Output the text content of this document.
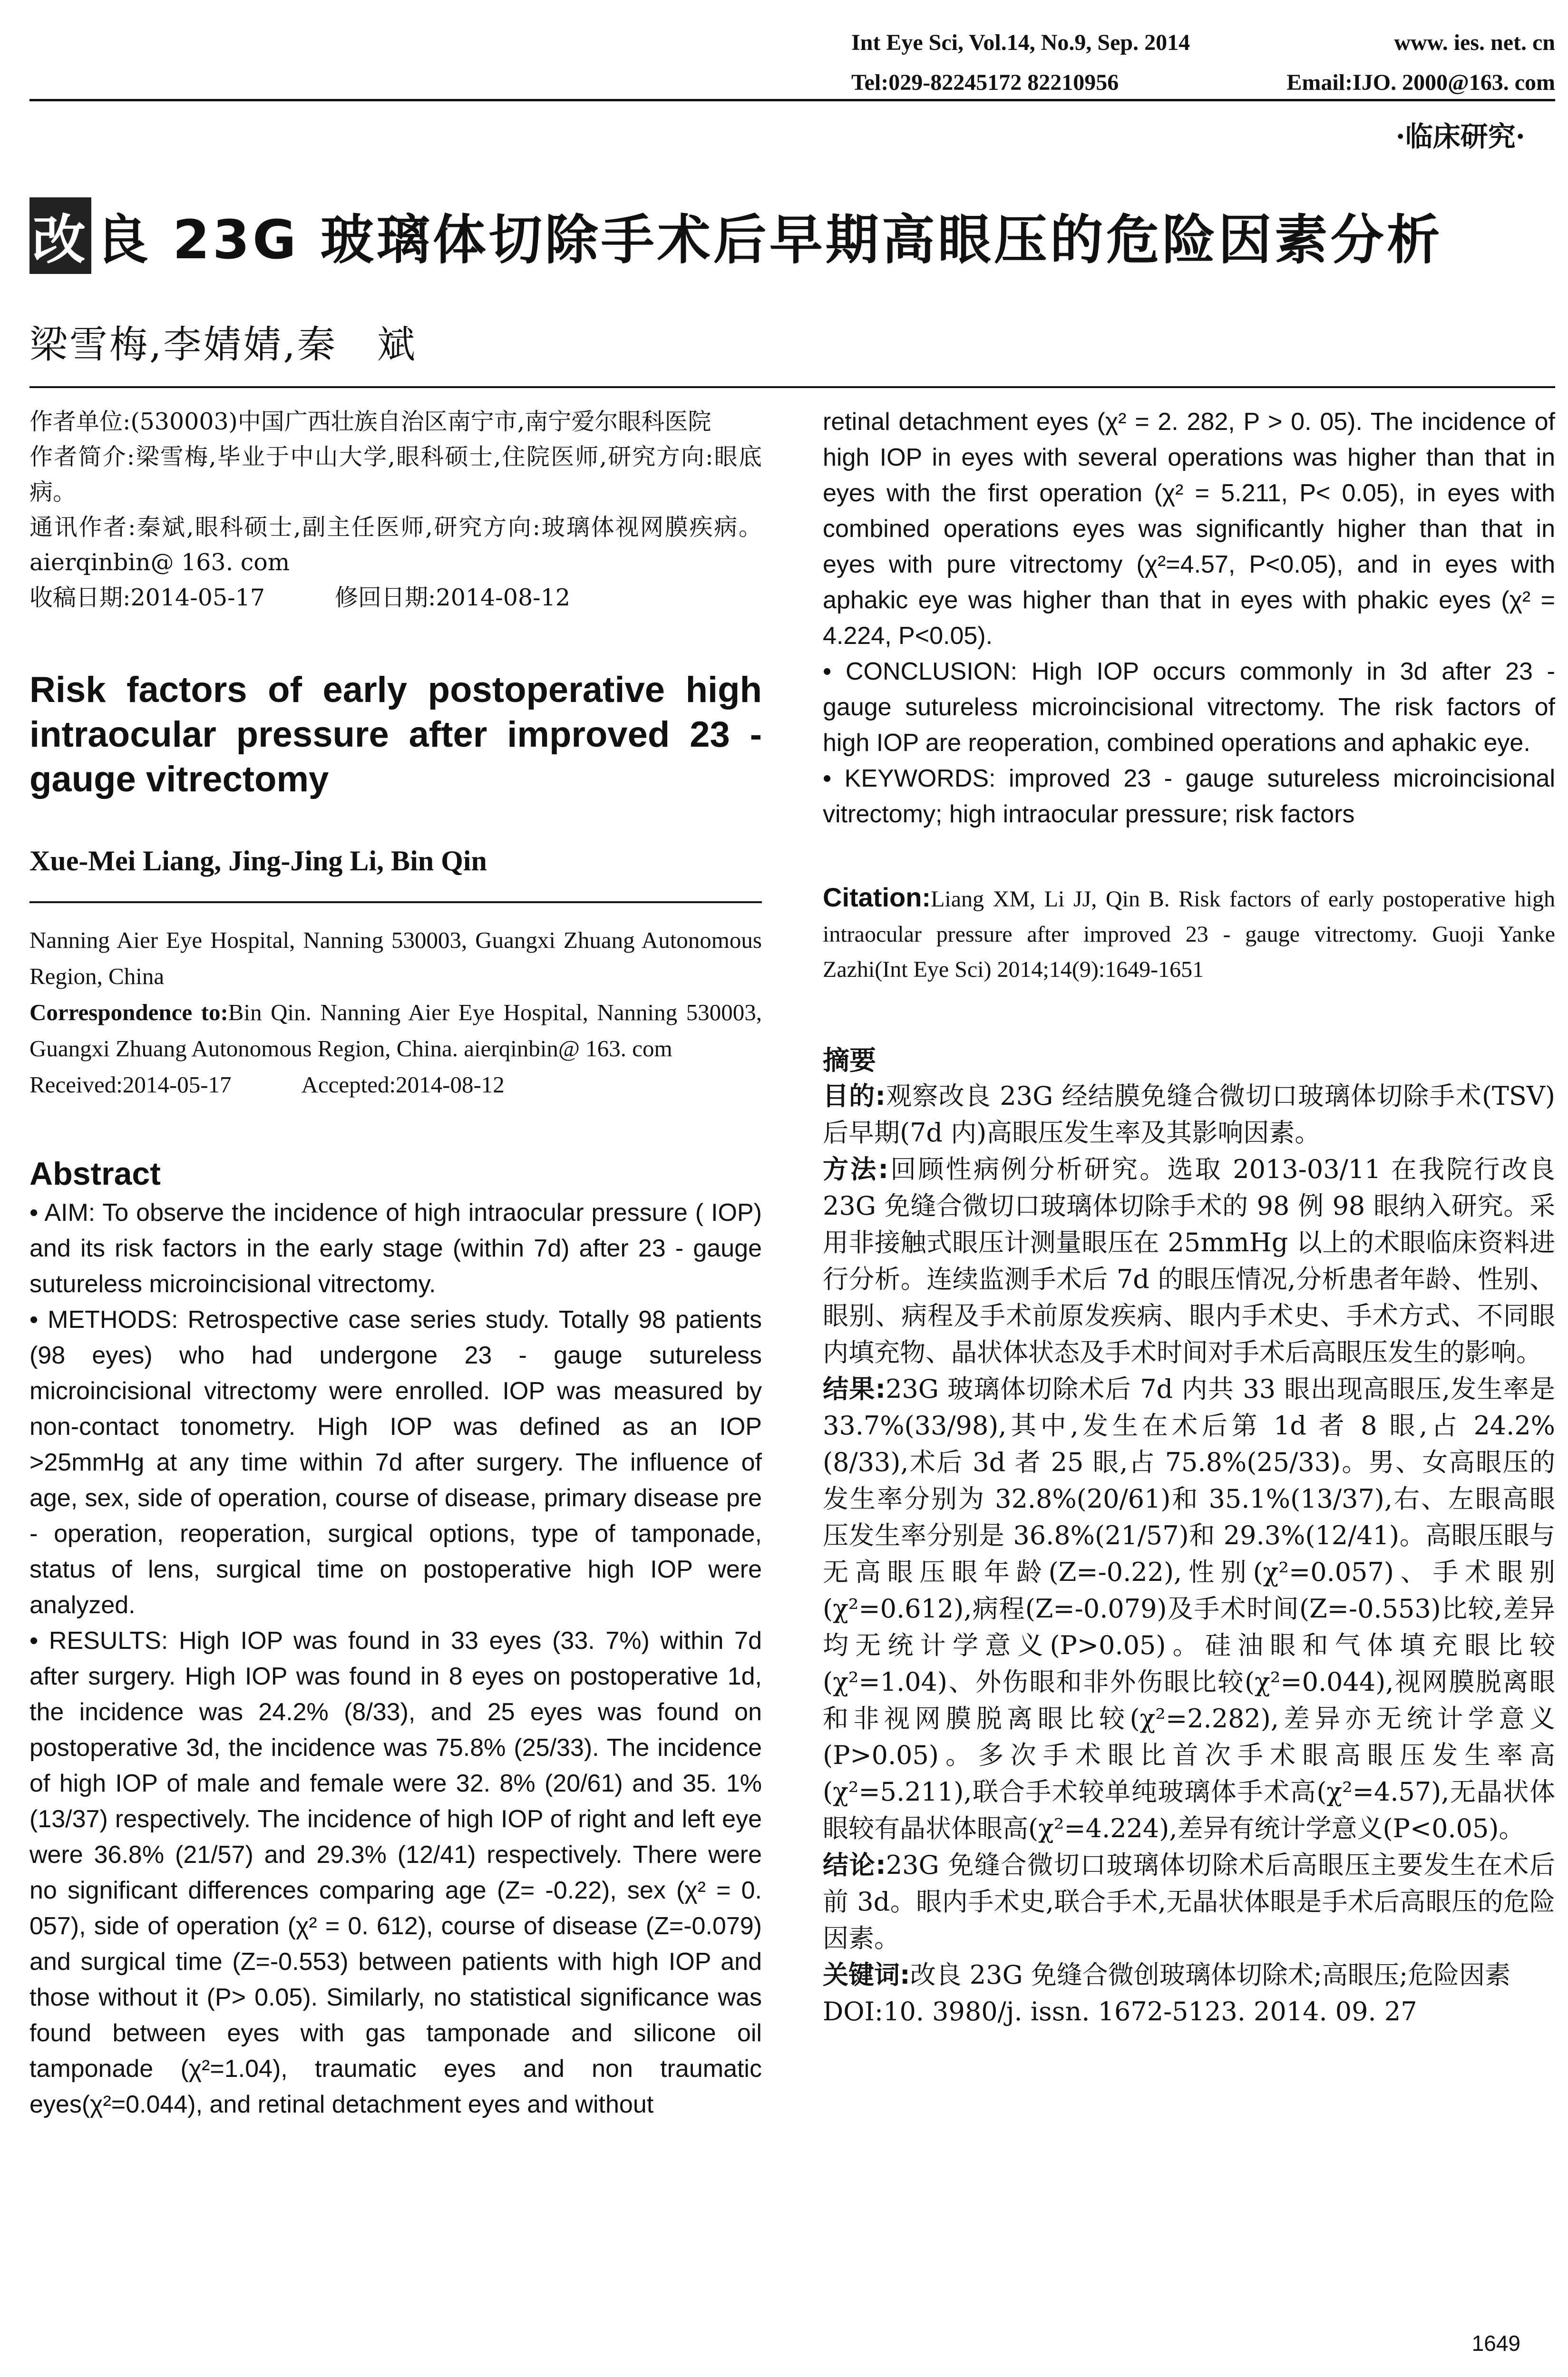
Int Eye Sci, Vol.14, No.9, Sep. 2014	www. ies. net. cn
Tel:029-82245172 82210956	Email:IJO. 2000@163. com
·临床研究·
改 良 23G 玻璃体切除手术后早期高眼压的危险因素分析
梁雪梅,李婧婧,秦　斌

作者单位:(530003)中国广西壮族自治区南宁市,南宁爱尔眼科医院

作者简介:梁雪梅,毕业于中山大学,眼科硕士,住院医师,研究方向:眼底病。

通讯作者:秦斌,眼科硕士,副主任医师,研究方向:玻璃体视网膜疾病。aierqinbin@ 163. com

收稿日期:2014-05-17　　　修回日期:2014-08-12

Risk factors of early postoperative high intraocular pressure after improved 23 - gauge vitrectomy
Xue-Mei Liang, Jing-Jing Li, Bin Qin

Nanning Aier Eye Hospital, Nanning 530003, Guangxi Zhuang Autonomous Region, China

Correspondence to:Bin Qin. Nanning Aier Eye Hospital, Nanning 530003, Guangxi Zhuang Autonomous Region, China. aierqinbin@ 163. com

Received:2014-05-17　　　Accepted:2014-08-12

Abstract

• AIM: To observe the incidence of high intraocular pressure ( IOP) and its risk factors in the early stage (within 7d) after 23 - gauge sutureless microincisional vitrectomy.

• METHODS: Retrospective case series study. Totally 98 patients (98 eyes) who had undergone 23 - gauge sutureless microincisional vitrectomy were enrolled. IOP was measured by non-contact tonometry. High IOP was defined as an IOP >25mmHg at any time within 7d after surgery. The influence of age, sex, side of operation, course of disease, primary disease pre - operation, reoperation, surgical options, type of tamponade, status of lens, surgical time on postoperative high IOP were analyzed.

• RESULTS: High IOP was found in 33 eyes (33. 7%) within 7d after surgery. High IOP was found in 8 eyes on postoperative 1d, the incidence was 24.2% (8/33), and 25 eyes was found on postoperative 3d, the incidence was 75.8% (25/33). The incidence of high IOP of male and female were 32. 8% (20/61) and 35. 1% (13/37) respectively. The incidence of high IOP of right and left eye were 36.8% (21/57) and 29.3% (12/41) respectively. There were no significant differences comparing age (Z= -0.22), sex (χ² = 0. 057), side of operation (χ² = 0. 612), course of disease (Z=-0.079) and surgical time (Z=-0.553) between patients with high IOP and those without it (P> 0.05). Similarly, no statistical significance was found between eyes with gas tamponade and silicone oil tamponade (χ²=1.04), traumatic eyes and non traumatic eyes(χ²=0.044), and retinal detachment eyes and without

retinal detachment eyes (χ² = 2. 282, P > 0. 05). The incidence of high IOP in eyes with several operations was higher than that in eyes with the first operation (χ² = 5.211, P< 0.05), in eyes with combined operations eyes was significantly higher than that in eyes with pure vitrectomy (χ²=4.57, P<0.05), and in eyes with aphakic eye was higher than that in eyes with phakic eyes (χ² = 4.224, P<0.05).

• CONCLUSION: High IOP occurs commonly in 3d after 23 - gauge sutureless microincisional vitrectomy. The risk factors of high IOP are reoperation, combined operations and aphakic eye.

• KEYWORDS: improved 23 - gauge sutureless microincisional vitrectomy; high intraocular pressure; risk factors

Citation:Liang XM, Li JJ, Qin B. Risk factors of early postoperative high intraocular pressure after improved 23 - gauge vitrectomy. Guoji Yanke Zazhi(Int Eye Sci) 2014;14(9):1649-1651
摘要

目的:观察改良 23G 经结膜免缝合微切口玻璃体切除手术(TSV)后早期(7d 内)高眼压发生率及其影响因素。

方法:回顾性病例分析研究。选取 2013-03/11 在我院行改良 23G 免缝合微切口玻璃体切除手术的 98 例 98 眼纳入研究。采用非接触式眼压计测量眼压在 25mmHg 以上的术眼临床资料进行分析。连续监测手术后 7d 的眼压情况,分析患者年龄、性别、眼别、病程及手术前原发疾病、眼内手术史、手术方式、不同眼内填充物、晶状体状态及手术时间对手术后高眼压发生的影响。

结果:23G 玻璃体切除术后 7d 内共 33 眼出现高眼压,发生率是 33.7%(33/98),其中,发生在术后第 1d 者 8 眼,占 24.2%(8/33),术后 3d 者 25 眼,占 75.8%(25/33)。男、女高眼压的发生率分别为 32.8%(20/61)和 35.1%(13/37),右、左眼高眼压发生率分别是 36.8%(21/57)和 29.3%(12/41)。高眼压眼与无高眼压眼年龄(Z=-0.22),性别(χ²=0.057)、手术眼别(χ²=0.612),病程(Z=-0.079)及手术时间(Z=-0.553)比较,差异均无统计学意义(P>0.05)。硅油眼和气体填充眼比较(χ²=1.04)、外伤眼和非外伤眼比较(χ²=0.044),视网膜脱离眼和非视网膜脱离眼比较(χ²=2.282),差异亦无统计学意义(P>0.05)。多次手术眼比首次手术眼高眼压发生率高(χ²=5.211),联合手术较单纯玻璃体手术高(χ²=4.57),无晶状体眼较有晶状体眼高(χ²=4.224),差异有统计学意义(P<0.05)。

结论:23G 免缝合微切口玻璃体切除术后高眼压主要发生在术后前 3d。眼内手术史,联合手术,无晶状体眼是手术后高眼压的危险因素。

关键词:改良 23G 免缝合微创玻璃体切除术;高眼压;危险因素

DOI:10. 3980/j. issn. 1672-5123. 2014. 09. 27

1649
